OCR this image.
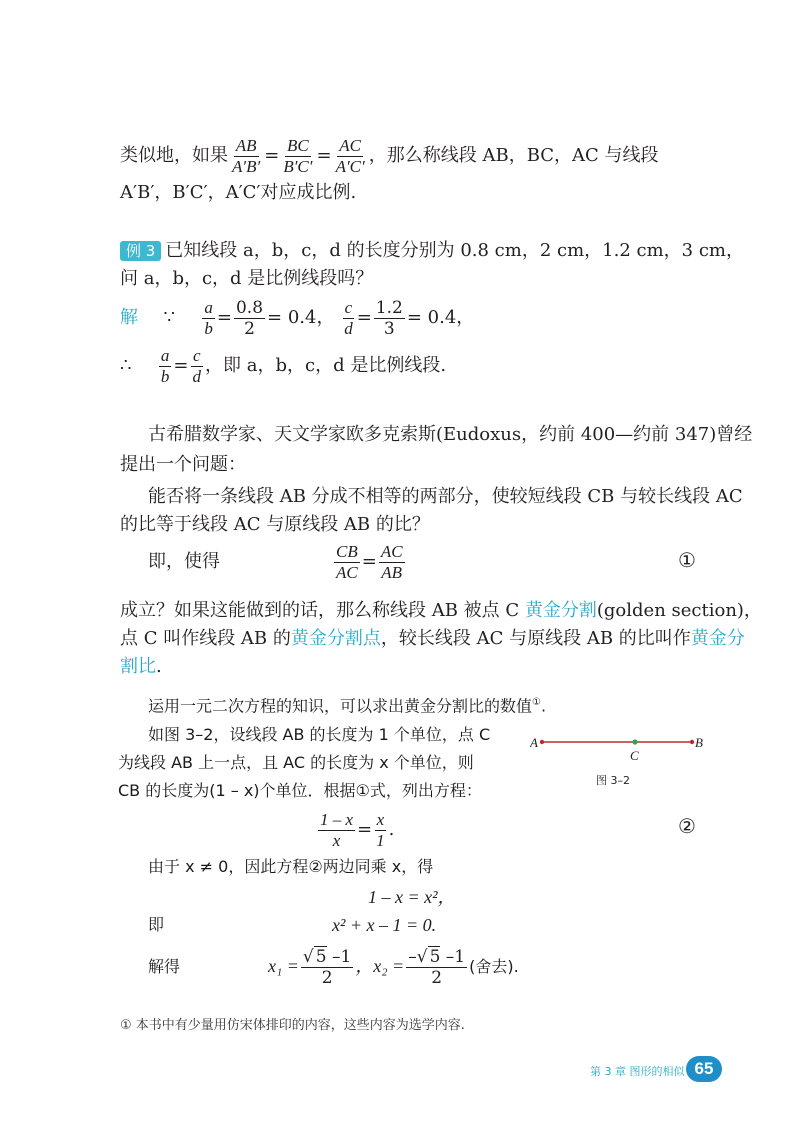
类似地，如果 $\frac{AB}{A'B'} = \frac{BC}{B'C'} = \frac{AC}{A'C'}$ ，那么称线段 AB，BC，AC 与线段
A′B′，B′C′，A′C′对应成比例.
例 3 已知线段 a，b，c，d 的长度分别为 0.8 cm，2 cm，1.2 cm，3 cm，
问 a，b，c，d 是比例线段吗？
解 ∵ $\frac{a}{b} = \frac{0.8}{2} = 0.4$， $\frac{c}{d} = \frac{1.2}{3} = 0.4$，
∴ $\frac{a}{b} = \frac{c}{d}$ ，即 a，b，c，d 是比例线段.
古希腊数学家、天文学家欧多克索斯(Eudoxus，约前 400—约前 347)曾经
提出一个问题：
能否将一条线段 AB 分成不相等的两部分，使较短线段 CB 与较长线段 AC
的比等于线段 AC 与原线段 AB 的比？
即，使得	$\frac{CB}{AC} = \frac{AC}{AB}$	①
成立？如果这能做到的话，那么称线段 AB 被点 C 黄金分割(golden section)，
点 C 叫作线段 AB 的黄金分割点，较长线段 AC 与原线段 AB 的比叫作黄金分
割比.
运用一元二次方程的知识，可以求出黄金分割比的数值①.
如图 3–2，设线段 AB 的长度为 1 个单位，点 C
为线段 AB 上一点，且 AC 的长度为 x 个单位，则
CB 的长度为(1 – x)个单位．根据①式，列出方程：
A	B
C
图 3–2
$\frac{1 - x}{x} = \frac{x}{1}$ .	②
由于 x ≠ 0，因此方程②两边同乘 x，得
1 – x = x²，
即	x² + x – 1 = 0.
解得	$x_1 = \frac{√ 5 -1}{2}$ ，$x_2 = \frac{-√ 5 -1}{2}$ (舍去).
① 本书中有少量用仿宋体排印的内容，这些内容为选学内容.
第 3 章 图形的相似 65
